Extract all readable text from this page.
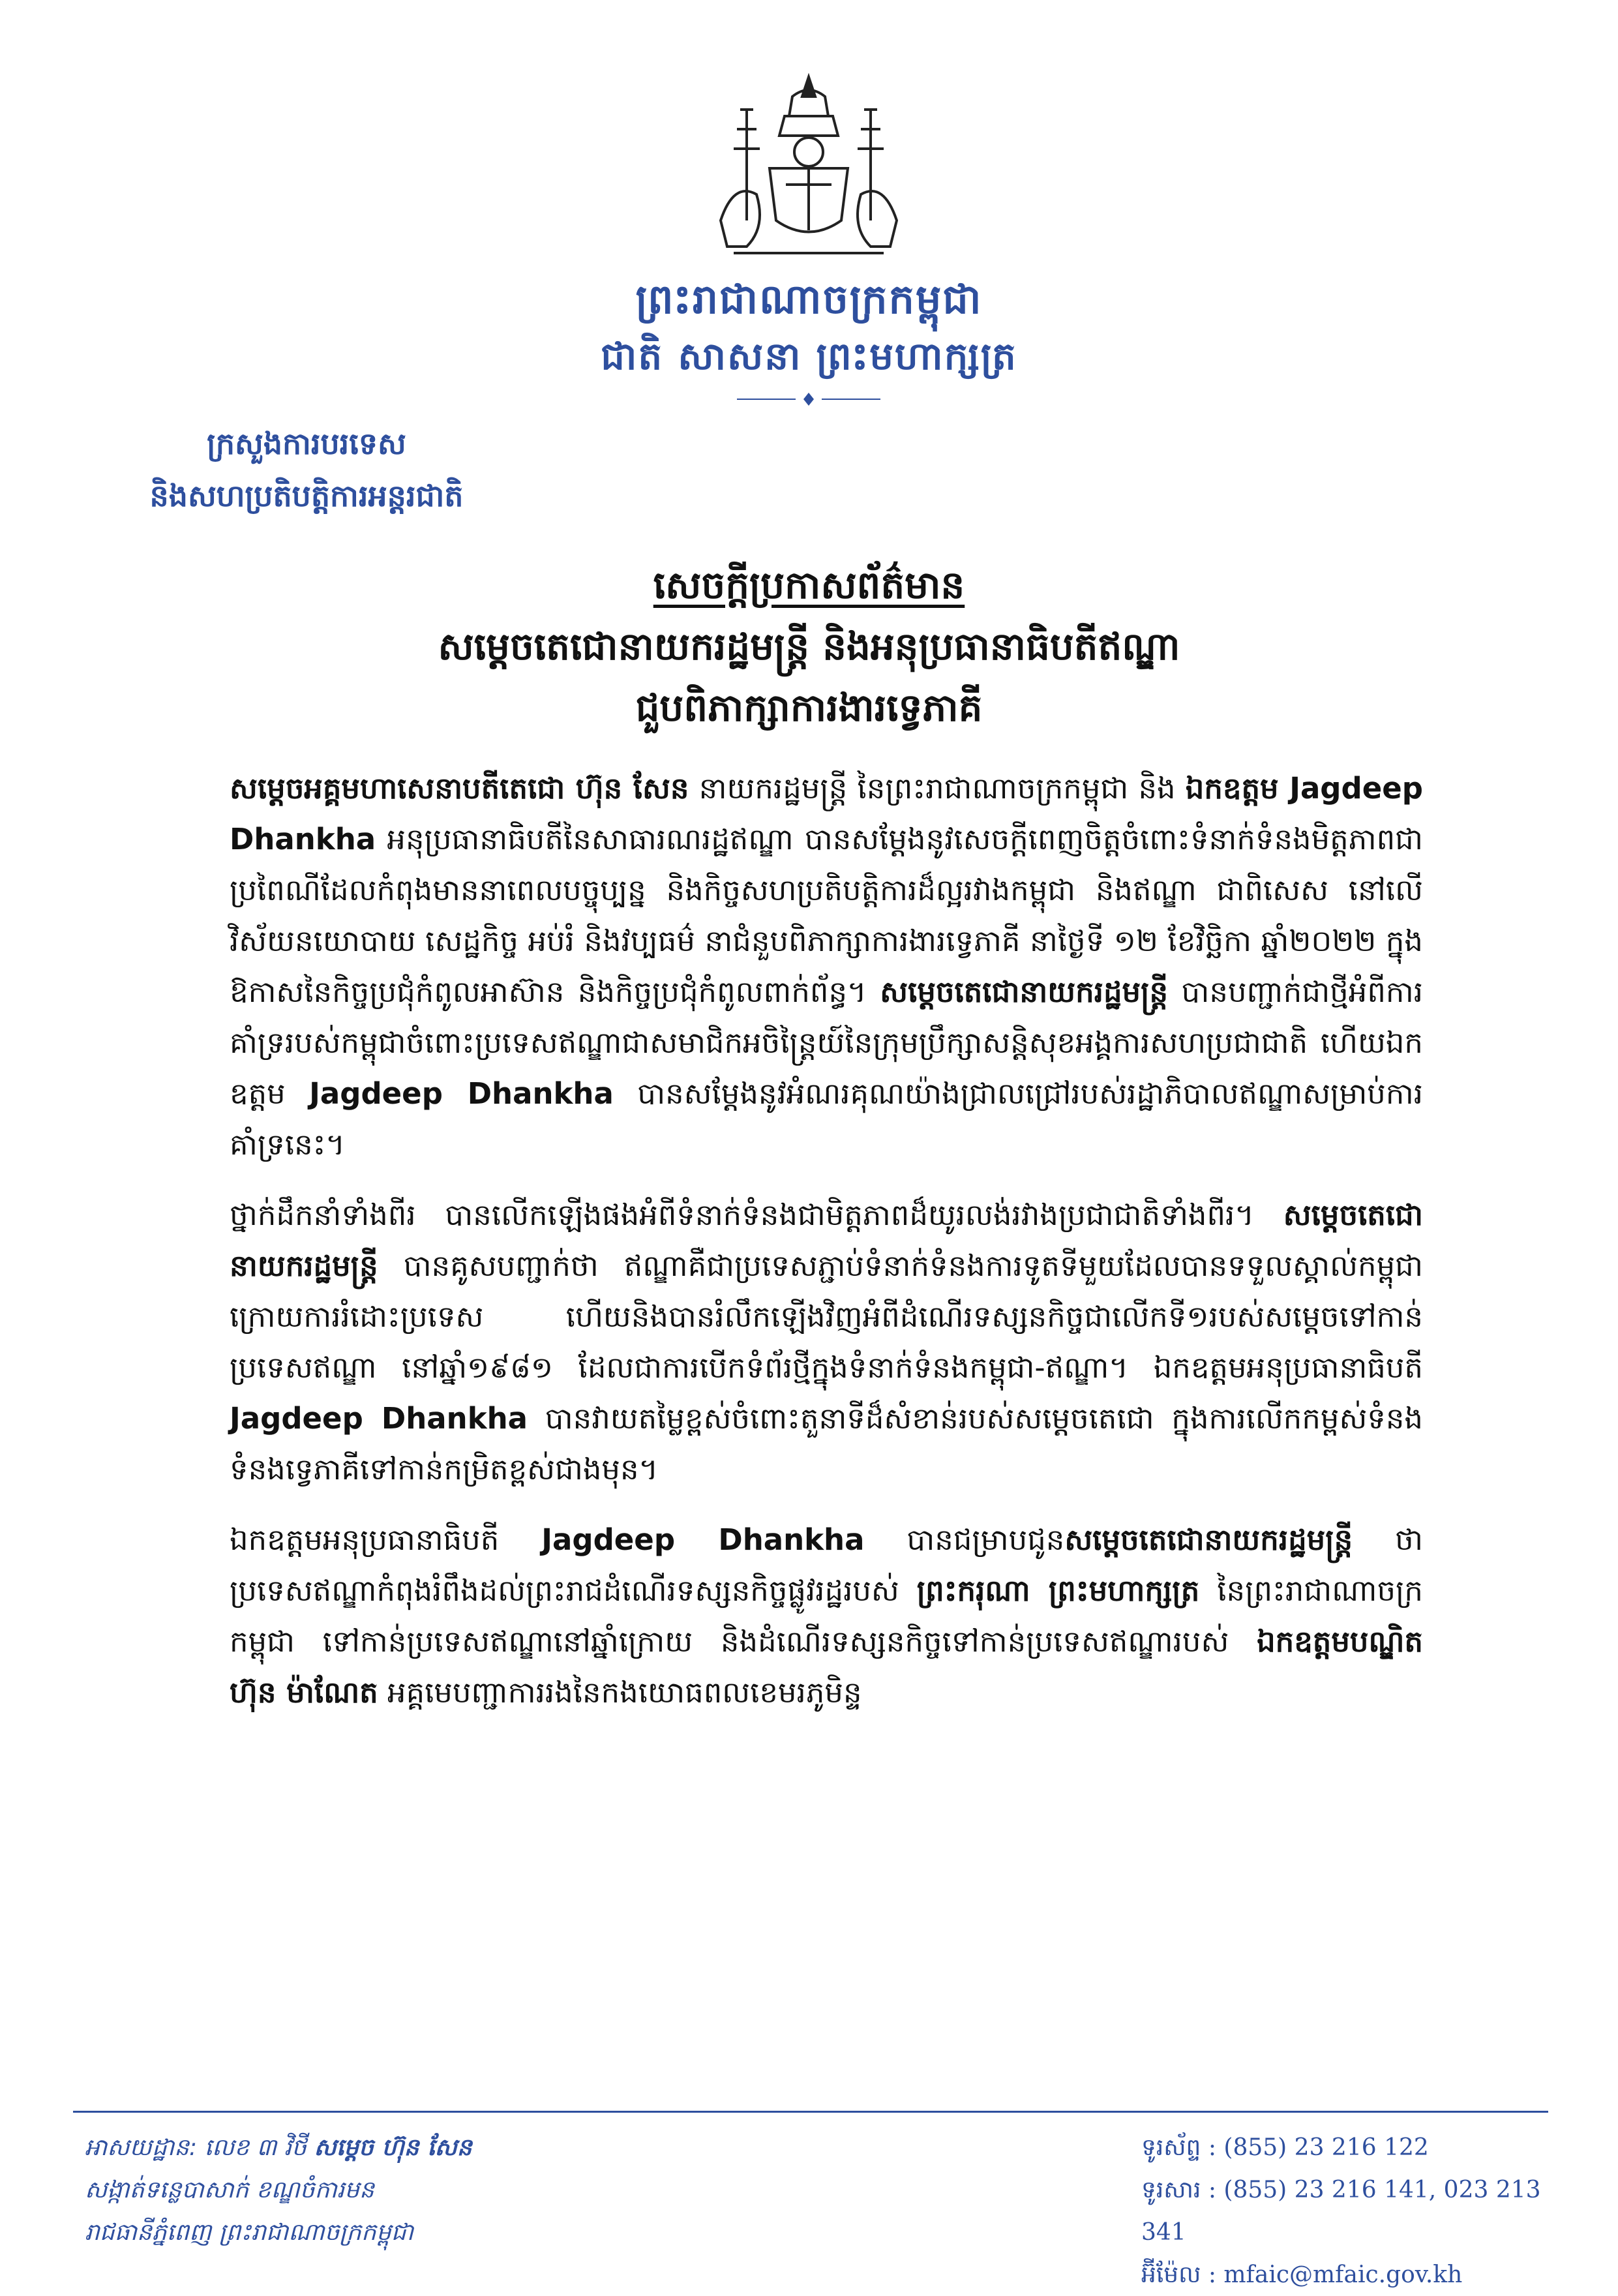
ព្រះរាជាណាចក្រកម្ពុជា
ជាតិ សាសនា ព្រះមហាក្សត្រ
ក្រសួងការបរទេស
និងសហប្រតិបត្តិការអន្តរជាតិ
សេចក្តីប្រកាសព័ត៌មាន
សម្តេចតេជោនាយករដ្ឋមន្ត្រី និងអនុប្រធានាធិបតីឥណ្ឌា
ជួបពិភាក្សាការងារទ្វេភាគី

សម្តេចអគ្គមហាសេនាបតីតេជោ ហ៊ុន សែន នាយករដ្ឋមន្ត្រី នៃព្រះរាជាណាចក្រកម្ពុជា និង ឯកឧត្តម Jagdeep Dhankha អនុប្រធានាធិបតីនៃសាធារណរដ្ឋឥណ្ឌា បានសម្តែងនូវសេចក្តីពេញចិត្តចំពោះទំនាក់ទំនងមិត្តភាពជាប្រពៃណីដែលកំពុងមាននាពេលបច្ចុប្បន្ន និងកិច្ចសហប្រតិបត្តិការដ៏ល្អរវាងកម្ពុជា និងឥណ្ឌា ជាពិសេស នៅលើវិស័យនយោបាយ សេដ្ឋកិច្ច អប់រំ និងវប្បធម៌ នាជំនួបពិភាក្សាការងារទ្វេភាគី នាថ្ងៃទី ១២ ខែវិច្ឆិកា ឆ្នាំ២០២២ ក្នុងឱកាសនៃកិច្ចប្រជុំកំពូលអាស៊ាន និងកិច្ចប្រជុំកំពូលពាក់ព័ន្ធ។ សម្តេចតេជោនាយករដ្ឋមន្ត្រី បានបញ្ជាក់ជាថ្មីអំពីការគាំទ្ររបស់កម្ពុជាចំពោះប្រទេសឥណ្ឌាជាសមាជិកអចិន្ត្រៃយ៍នៃក្រុមប្រឹក្សាសន្តិសុខអង្គការសហប្រជាជាតិ ហើយឯកឧត្តម Jagdeep Dhankha បានសម្តែងនូវអំណរគុណយ៉ាងជ្រាលជ្រៅរបស់រដ្ឋាភិបាលឥណ្ឌាសម្រាប់ការគាំទ្រនេះ។

ថ្នាក់ដឹកនាំទាំងពីរ បានលើកឡើងផងអំពីទំនាក់ទំនងជាមិត្តភាពដ៏យូរលង់រវាងប្រជាជាតិទាំងពីរ។ សម្តេចតេជោនាយករដ្ឋមន្ត្រី បានគូសបញ្ជាក់ថា ឥណ្ឌាគឺជាប្រទេសភ្ជាប់ទំនាក់ទំនងការទូតទីមួយដែលបានទទួលស្គាល់កម្ពុជាក្រោយការរំដោះប្រទេស ហើយនិងបានរំលឹកឡើងវិញអំពីដំណើរទស្សនកិច្ចជាលើកទី១របស់សម្តេចទៅកាន់ប្រទេសឥណ្ឌា នៅឆ្នាំ១៩៨១ ដែលជាការបើកទំព័រថ្មីក្នុងទំនាក់ទំនងកម្ពុជា-ឥណ្ឌា។ ឯកឧត្តមអនុប្រធានាធិបតី Jagdeep Dhankha បានវាយតម្លៃខ្ពស់ចំពោះតួនាទីដ៏សំខាន់របស់សម្តេចតេជោ ក្នុងការលើកកម្ពស់ទំនងទំនងទ្វេភាគីទៅកាន់កម្រិតខ្ពស់ជាងមុន។

ឯកឧត្តមអនុប្រធានាធិបតី Jagdeep Dhankha បានជម្រាបជូនសម្តេចតេជោនាយករដ្ឋមន្ត្រី ថា ប្រទេសឥណ្ឌាកំពុងរំពឹងដល់ព្រះរាជដំណើរទស្សនកិច្ចផ្លូវរដ្ឋរបស់ ព្រះករុណា ព្រះមហាក្សត្រ នៃព្រះរាជាណាចក្រកម្ពុជា ទៅកាន់ប្រទេសឥណ្ឌានៅឆ្នាំក្រោយ និងដំណើរទស្សនកិច្ចទៅកាន់ប្រទេសឥណ្ឌារបស់ ឯកឧត្តមបណ្ឌិត ហ៊ុន ម៉ាណែត អគ្គមេបញ្ជាការរងនៃកងយោធពលខេមរភូមិន្ទ

អាសយដ្ឋាន: លេខ ៣ វិថី សម្តេច ហ៊ុន សែន
សង្កាត់ទន្លេបាសាក់ ខណ្ឌចំការមន
រាជធានីភ្នំពេញ ព្រះរាជាណាចក្រកម្ពុជា
ទូរស័ព្ទ : (855) 23 216 122
ទូរសារ : (855) 23 216 141, 023 213 341
អ៊ីម៉ែល : mfaic@mfaic.gov.kh
